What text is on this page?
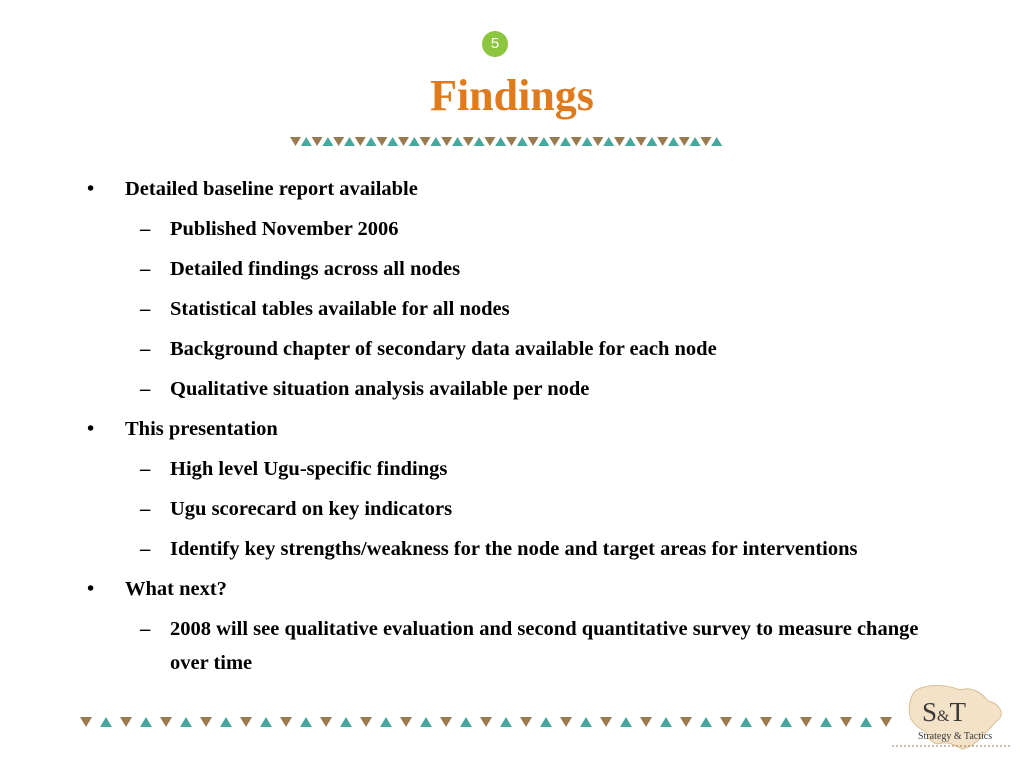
5
Findings
• Detailed baseline report available
– Published November 2006
– Detailed findings across all nodes
– Statistical tables available for all nodes
– Background chapter of secondary data available for each node
– Qualitative situation analysis available per node
• This presentation
– High level Ugu-specific findings
– Ugu scorecard on key indicators
– Identify key strengths/weakness for the node and target areas for interventions
• What next?
– 2008 will see qualitative evaluation and second quantitative survey to measure change over time
S&T
Strategy & Tactics
